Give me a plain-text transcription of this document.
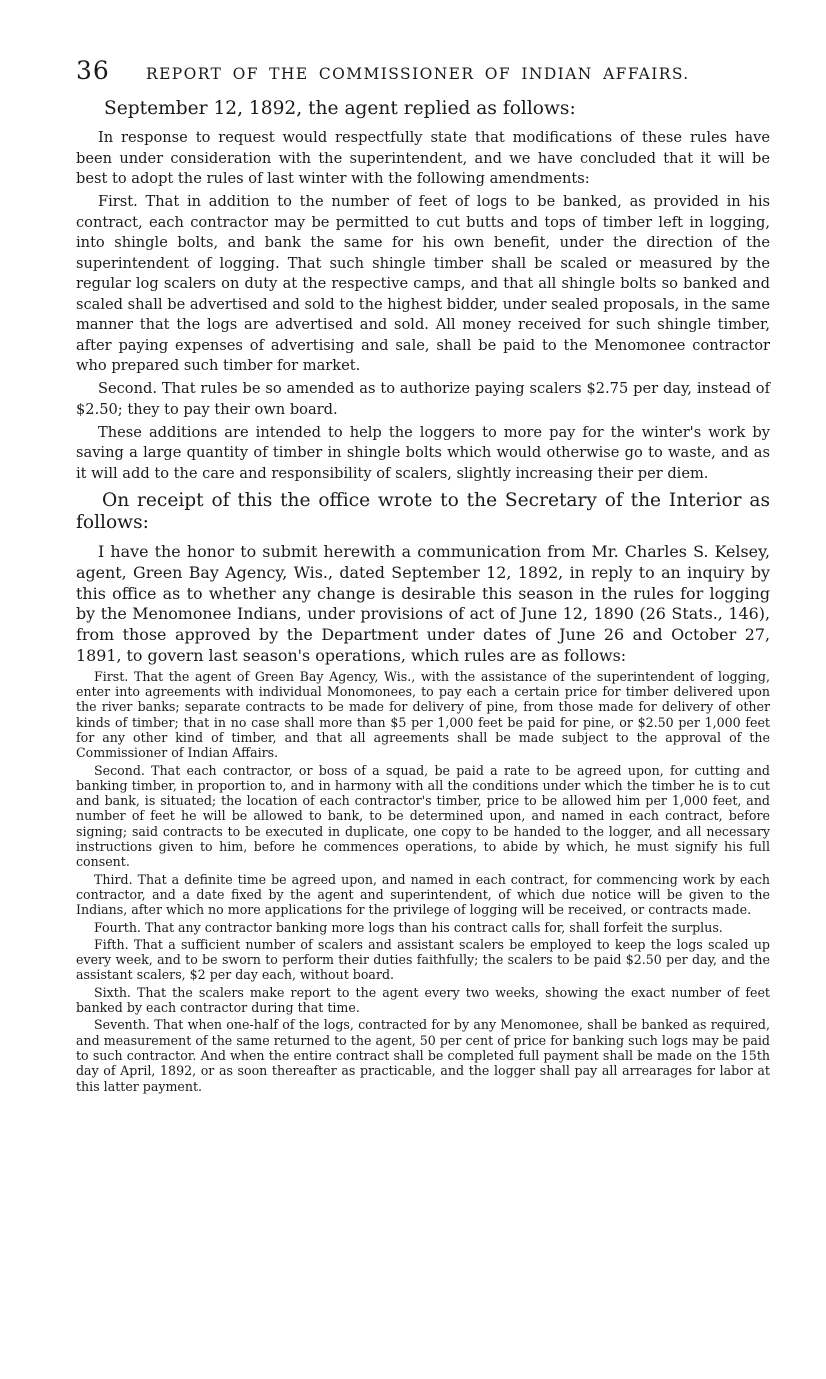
36	REPORT OF THE COMMISSIONER OF INDIAN AFFAIRS.

September 12, 1892, the agent replied as follows:

In response to request would respectfully state that modifications of these rules have been under consideration with the superintendent, and we have concluded that it will be best to adopt the rules of last winter with the following amendments:

First. That in addition to the number of feet of logs to be banked, as provided in his contract, each contractor may be permitted to cut butts and tops of timber left in logging, into shingle bolts, and bank the same for his own benefit, under the direction of the superintendent of logging. That such shingle timber shall be scaled or measured by the regular log scalers on duty at the respective camps, and that all shingle bolts so banked and scaled shall be advertised and sold to the highest bidder, under sealed proposals, in the same manner that the logs are advertised and sold. All money received for such shingle timber, after paying expenses of advertising and sale, shall be paid to the Menomonee contractor who prepared such timber for market.

Second. That rules be so amended as to authorize paying scalers $2.75 per day, instead of $2.50; they to pay their own board.

These additions are intended to help the loggers to more pay for the winter's work by saving a large quantity of timber in shingle bolts which would otherwise go to waste, and as it will add to the care and responsibility of scalers, slightly increasing their per diem.

On receipt of this the office wrote to the Secretary of the Interior as follows:

I have the honor to submit herewith a communication from Mr. Charles S. Kelsey, agent, Green Bay Agency, Wis., dated September 12, 1892, in reply to an inquiry by this office as to whether any change is desirable this season in the rules for logging by the Menomonee Indians, under provisions of act of June 12, 1890 (26 Stats., 146), from those approved by the Department under dates of June 26 and October 27, 1891, to govern last season's operations, which rules are as follows:

First. That the agent of Green Bay Agency, Wis., with the assistance of the superintendent of logging, enter into agreements with individual Monomonees, to pay each a certain price for timber delivered upon the river banks; separate contracts to be made for delivery of pine, from those made for delivery of other kinds of timber; that in no case shall more than $5 per 1,000 feet be paid for pine, or $2.50 per 1,000 feet for any other kind of timber, and that all agreements shall be made subject to the approval of the Commissioner of Indian Affairs.

Second. That each contractor, or boss of a squad, be paid a rate to be agreed upon, for cutting and banking timber, in proportion to, and in harmony with all the conditions under which the timber he is to cut and bank, is situated; the location of each contractor's timber, price to be allowed him per 1,000 feet, and number of feet he will be allowed to bank, to be determined upon, and named in each contract, before signing; said contracts to be executed in duplicate, one copy to be handed to the logger, and all necessary instructions given to him, before he commences operations, to abide by which, he must signify his full consent.

Third. That a definite time be agreed upon, and named in each contract, for commencing work by each contractor, and a date fixed by the agent and superintendent, of which due notice will be given to the Indians, after which no more applications for the privilege of logging will be received, or contracts made.

Fourth. That any contractor banking more logs than his contract calls for, shall forfeit the surplus.

Fifth. That a sufficient number of scalers and assistant scalers be employed to keep the logs scaled up every week, and to be sworn to perform their duties faithfully; the scalers to be paid $2.50 per day, and the assistant scalers, $2 per day each, without board.

Sixth. That the scalers make report to the agent every two weeks, showing the exact number of feet banked by each contractor during that time.

Seventh. That when one-half of the logs, contracted for by any Menomonee, shall be banked as required, and measurement of the same returned to the agent, 50 per cent of price for banking such logs may be paid to such contractor. And when the entire contract shall be completed full payment shall be made on the 15th day of April, 1892, or as soon thereafter as practicable, and the logger shall pay all arrearages for labor at this latter payment.
